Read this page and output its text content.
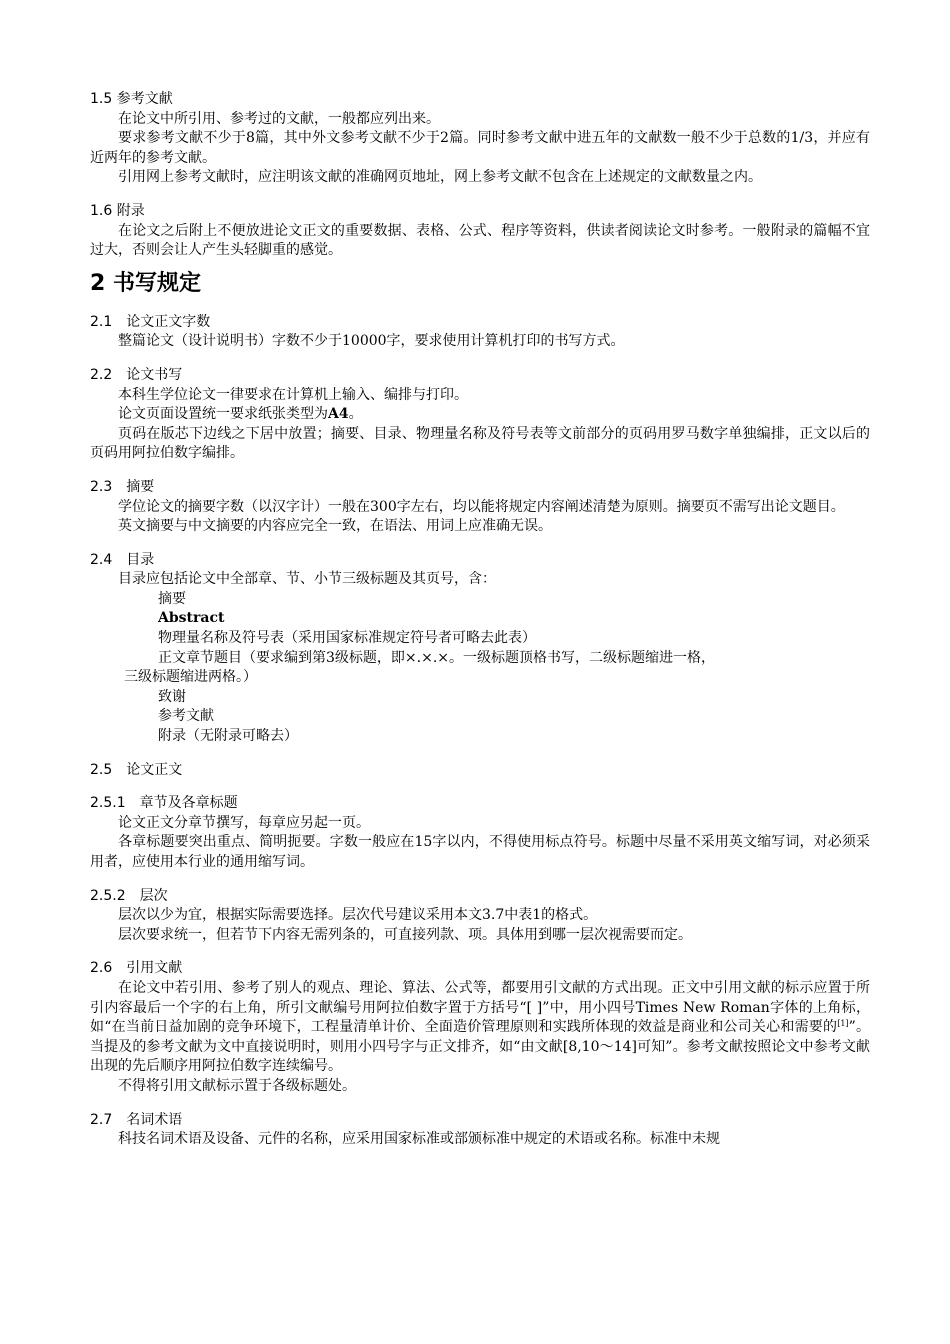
1.5 参考文献

在论文中所引用、参考过的文献，一般都应列出来。

要求参考文献不少于8篇，其中外文参考文献不少于2篇。同时参考文献中进五年的文献数一般不少于总数的1/3，并应有近两年的参考文献。

引用网上参考文献时，应注明该文献的准确网页地址，网上参考文献不包含在上述规定的文献数量之内。

1.6 附录

在论文之后附上不便放进论文正文的重要数据、表格、公式、程序等资料，供读者阅读论文时参考。一般附录的篇幅不宜过大，否则会让人产生头轻脚重的感觉。

2 书写规定
2.1　论文正文字数

整篇论文（设计说明书）字数不少于10000字，要求使用计算机打印的书写方式。

2.2　论文书写

本科生学位论文一律要求在计算机上输入、编排与打印。

论文页面设置统一要求纸张类型为A4。

页码在版芯下边线之下居中放置；摘要、目录、物理量名称及符号表等文前部分的页码用罗马数字单独编排，正文以后的页码用阿拉伯数字编排。

2.3　摘要

学位论文的摘要字数（以汉字计）一般在300字左右，均以能将规定内容阐述清楚为原则。摘要页不需写出论文题目。

英文摘要与中文摘要的内容应完全一致，在语法、用词上应准确无误。

2.4　目录

目录应包括论文中全部章、节、小节三级标题及其页号，含：

摘要

Abstract

物理量名称及符号表（采用国家标准规定符号者可略去此表）

正文章节题目（要求编到第3级标题，即×.×.×。一级标题顶格书写，二级标题缩进一格，

三级标题缩进两格。）

致谢

参考文献

附录（无附录可略去）

2.5　论文正文
2.5.1　章节及各章标题

论文正文分章节撰写，每章应另起一页。

各章标题要突出重点、简明扼要。字数一般应在15字以内，不得使用标点符号。标题中尽量不采用英文缩写词，对必须采用者，应使用本行业的通用缩写词。

2.5.2　层次

层次以少为宜，根据实际需要选择。层次代号建议采用本文3.7中表1的格式。

层次要求统一，但若节下内容无需列条的，可直接列款、项。具体用到哪一层次视需要而定。

2.6　引用文献

在论文中若引用、参考了别人的观点、理论、算法、公式等，都要用引文献的方式出现。正文中引用文献的标示应置于所引内容最后一个字的右上角，所引文献编号用阿拉伯数字置于方括号“[ ]”中，用小四号Times New Roman字体的上角标，如“在当前日益加剧的竞争环境下，工程量清单计价、全面造价管理原则和实践所体现的效益是商业和公司关心和需要的[1]”。当提及的参考文献为文中直接说明时，则用小四号字与正文排齐，如“由文献[8,10～14]可知”。参考文献按照论文中参考文献出现的先后顺序用阿拉伯数字连续编号。

不得将引用文献标示置于各级标题处。

2.7　名词术语

科技名词术语及设备、元件的名称，应采用国家标准或部颁标准中规定的术语或名称。标准中未规
